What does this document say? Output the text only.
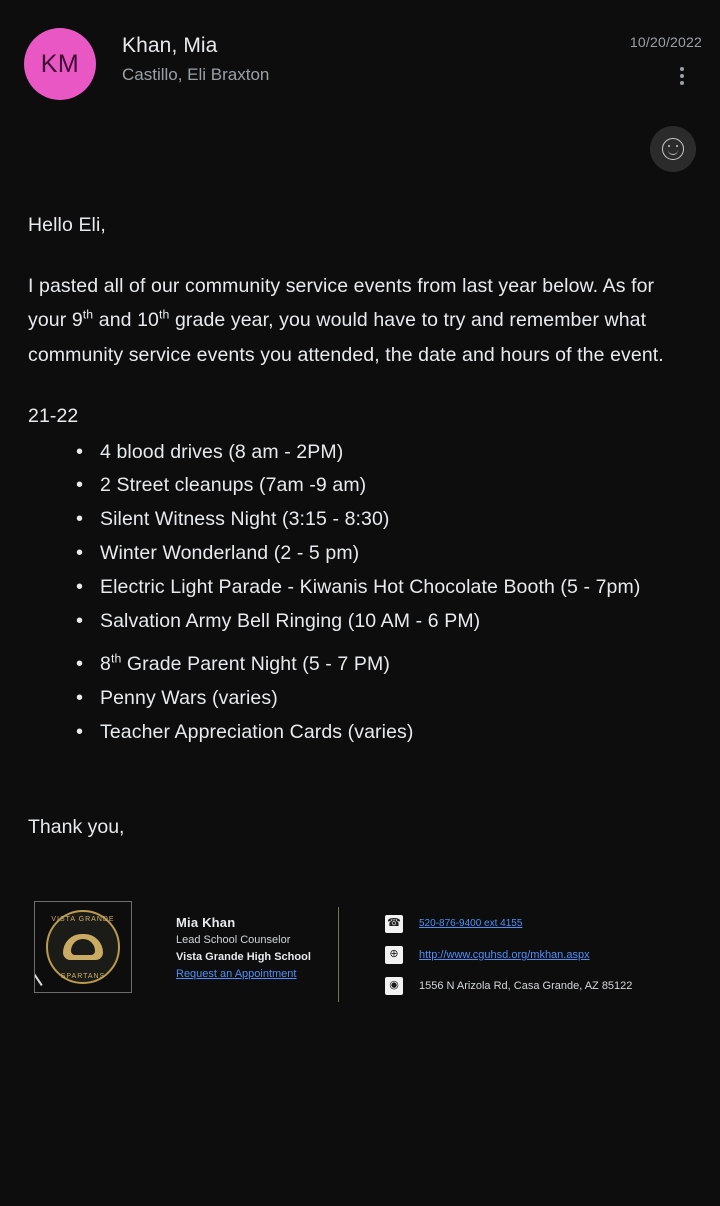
KM
Khan, Mia
Castillo, Eli Braxton
10/20/2022

Hello Eli,

I pasted all of our community service events from last year below. As for your 9th and 10th grade year, you would have to try and remember what community service events you attended, the date and hours of the event.

21-22

• 4 blood drives (8 am - 2PM)
• 2 Street cleanups (7am -9 am)
• Silent Witness Night (3:15 - 8:30)
• Winter Wonderland (2 - 5 pm)
• Electric Light Parade - Kiwanis Hot Chocolate Booth (5 - 7pm)
• Salvation Army Bell Ringing (10 AM - 6 PM)
• 8th Grade Parent Night (5 - 7 PM)
• Penny Wars (varies)
• Teacher Appreciation Cards (varies)
Thank you,
VISTA GRANDE
SPARTANS
Mia Khan
Lead School Counselor
Vista Grande High School
Request an Appointment
☎ 520-876-9400 ext 4155
⊕	http://www.cguhsd.org/mkhan.aspx
◉	1556 N Arizola Rd, Casa Grande, AZ 85122
